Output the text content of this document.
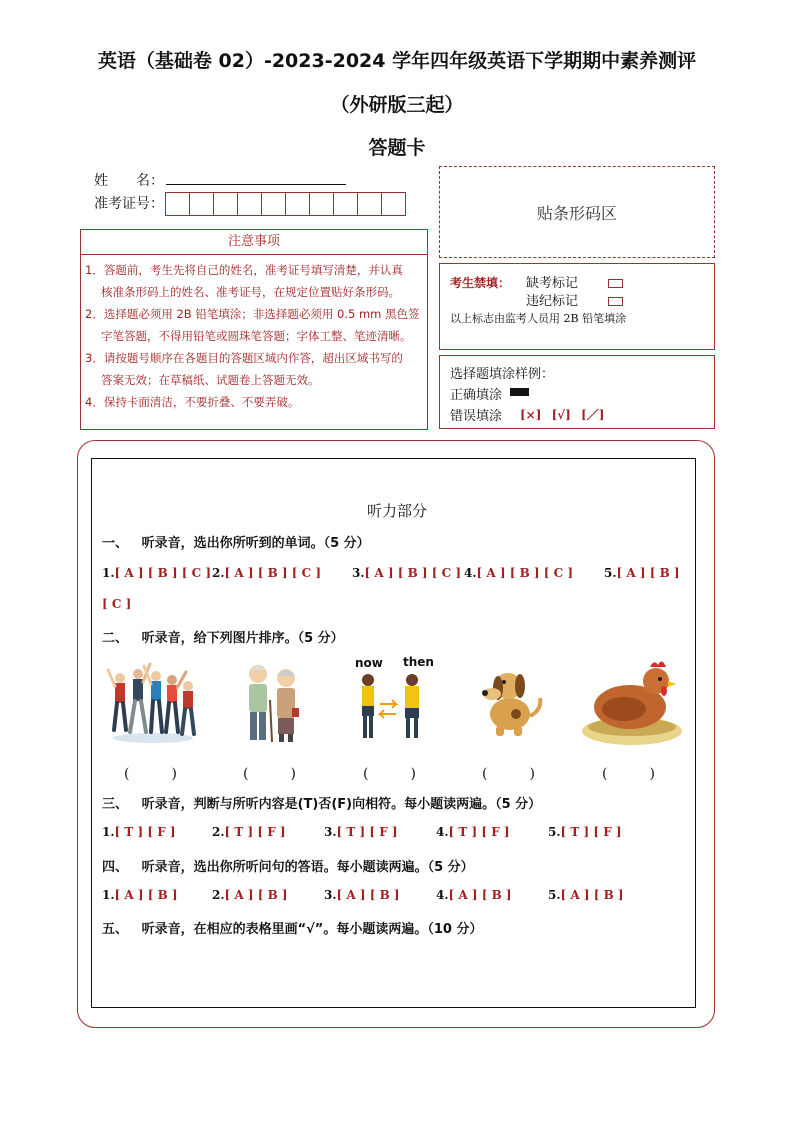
英语（基础卷 02）-2023-2024 学年四年级英语下学期期中素养测评
（外研版三起）
答题卡
姓　　名：
准考证号：	贴条形码区
注意事项
1．答题前，考生先将自己的姓名，准考证号填写清楚，并认真
核准条形码上的姓名、准考证号，在规定位置贴好条形码。
2．选择题必须用 2B 铅笔填涂；非选择题必须用 0.5 mm 黑色签
字笔答题，不得用铅笔或圆珠笔答题；字体工整、笔迹清晰。
3．请按题号顺序在各题目的答题区域内作答，超出区域书写的
答案无效；在草稿纸、试题卷上答题无效。
4．保持卡面清洁，不要折叠、不要弄破。
考生禁填： 缺考标记
违纪标记
以上标志由监考人员用 2B 铅笔填涂
选择题填涂样例：
正确填涂
错误填涂 [×] [√] [／]
听力部分
一、 听录音，选出你所听到的单词。（5 分）
1.[ A ] [ B ] [ C ] 2.[ A ] [ B ] [ C ]	3.[ A ] [ B ] [ C ] 4.[ A ] [ B ] [ C ]	5.[ A ] [ B ]
[ C ]
二、 听录音，给下列图片排序。（5 分）
now then
(　　　)	(　　　)	(　　　)	(　　　)	(　　　)
三、 听录音，判断与所听内容是(T)否(F)向相符。每小题读两遍。（5 分）
1.[ T ] [ F ]	2.[ T ] [ F ]	3.[ T ] [ F ]	4.[ T ] [ F ]	5.[ T ] [ F ]
四、 听录音，选出你所听问句的答语。每小题读两遍。（5 分）
1.[ A ] [ B ]	2.[ A ] [ B ]	3.[ A ] [ B ]	4.[ A ] [ B ]	5.[ A ] [ B ]
五、 听录音，在相应的表格里画“√”。每小题读两遍。（10 分）
